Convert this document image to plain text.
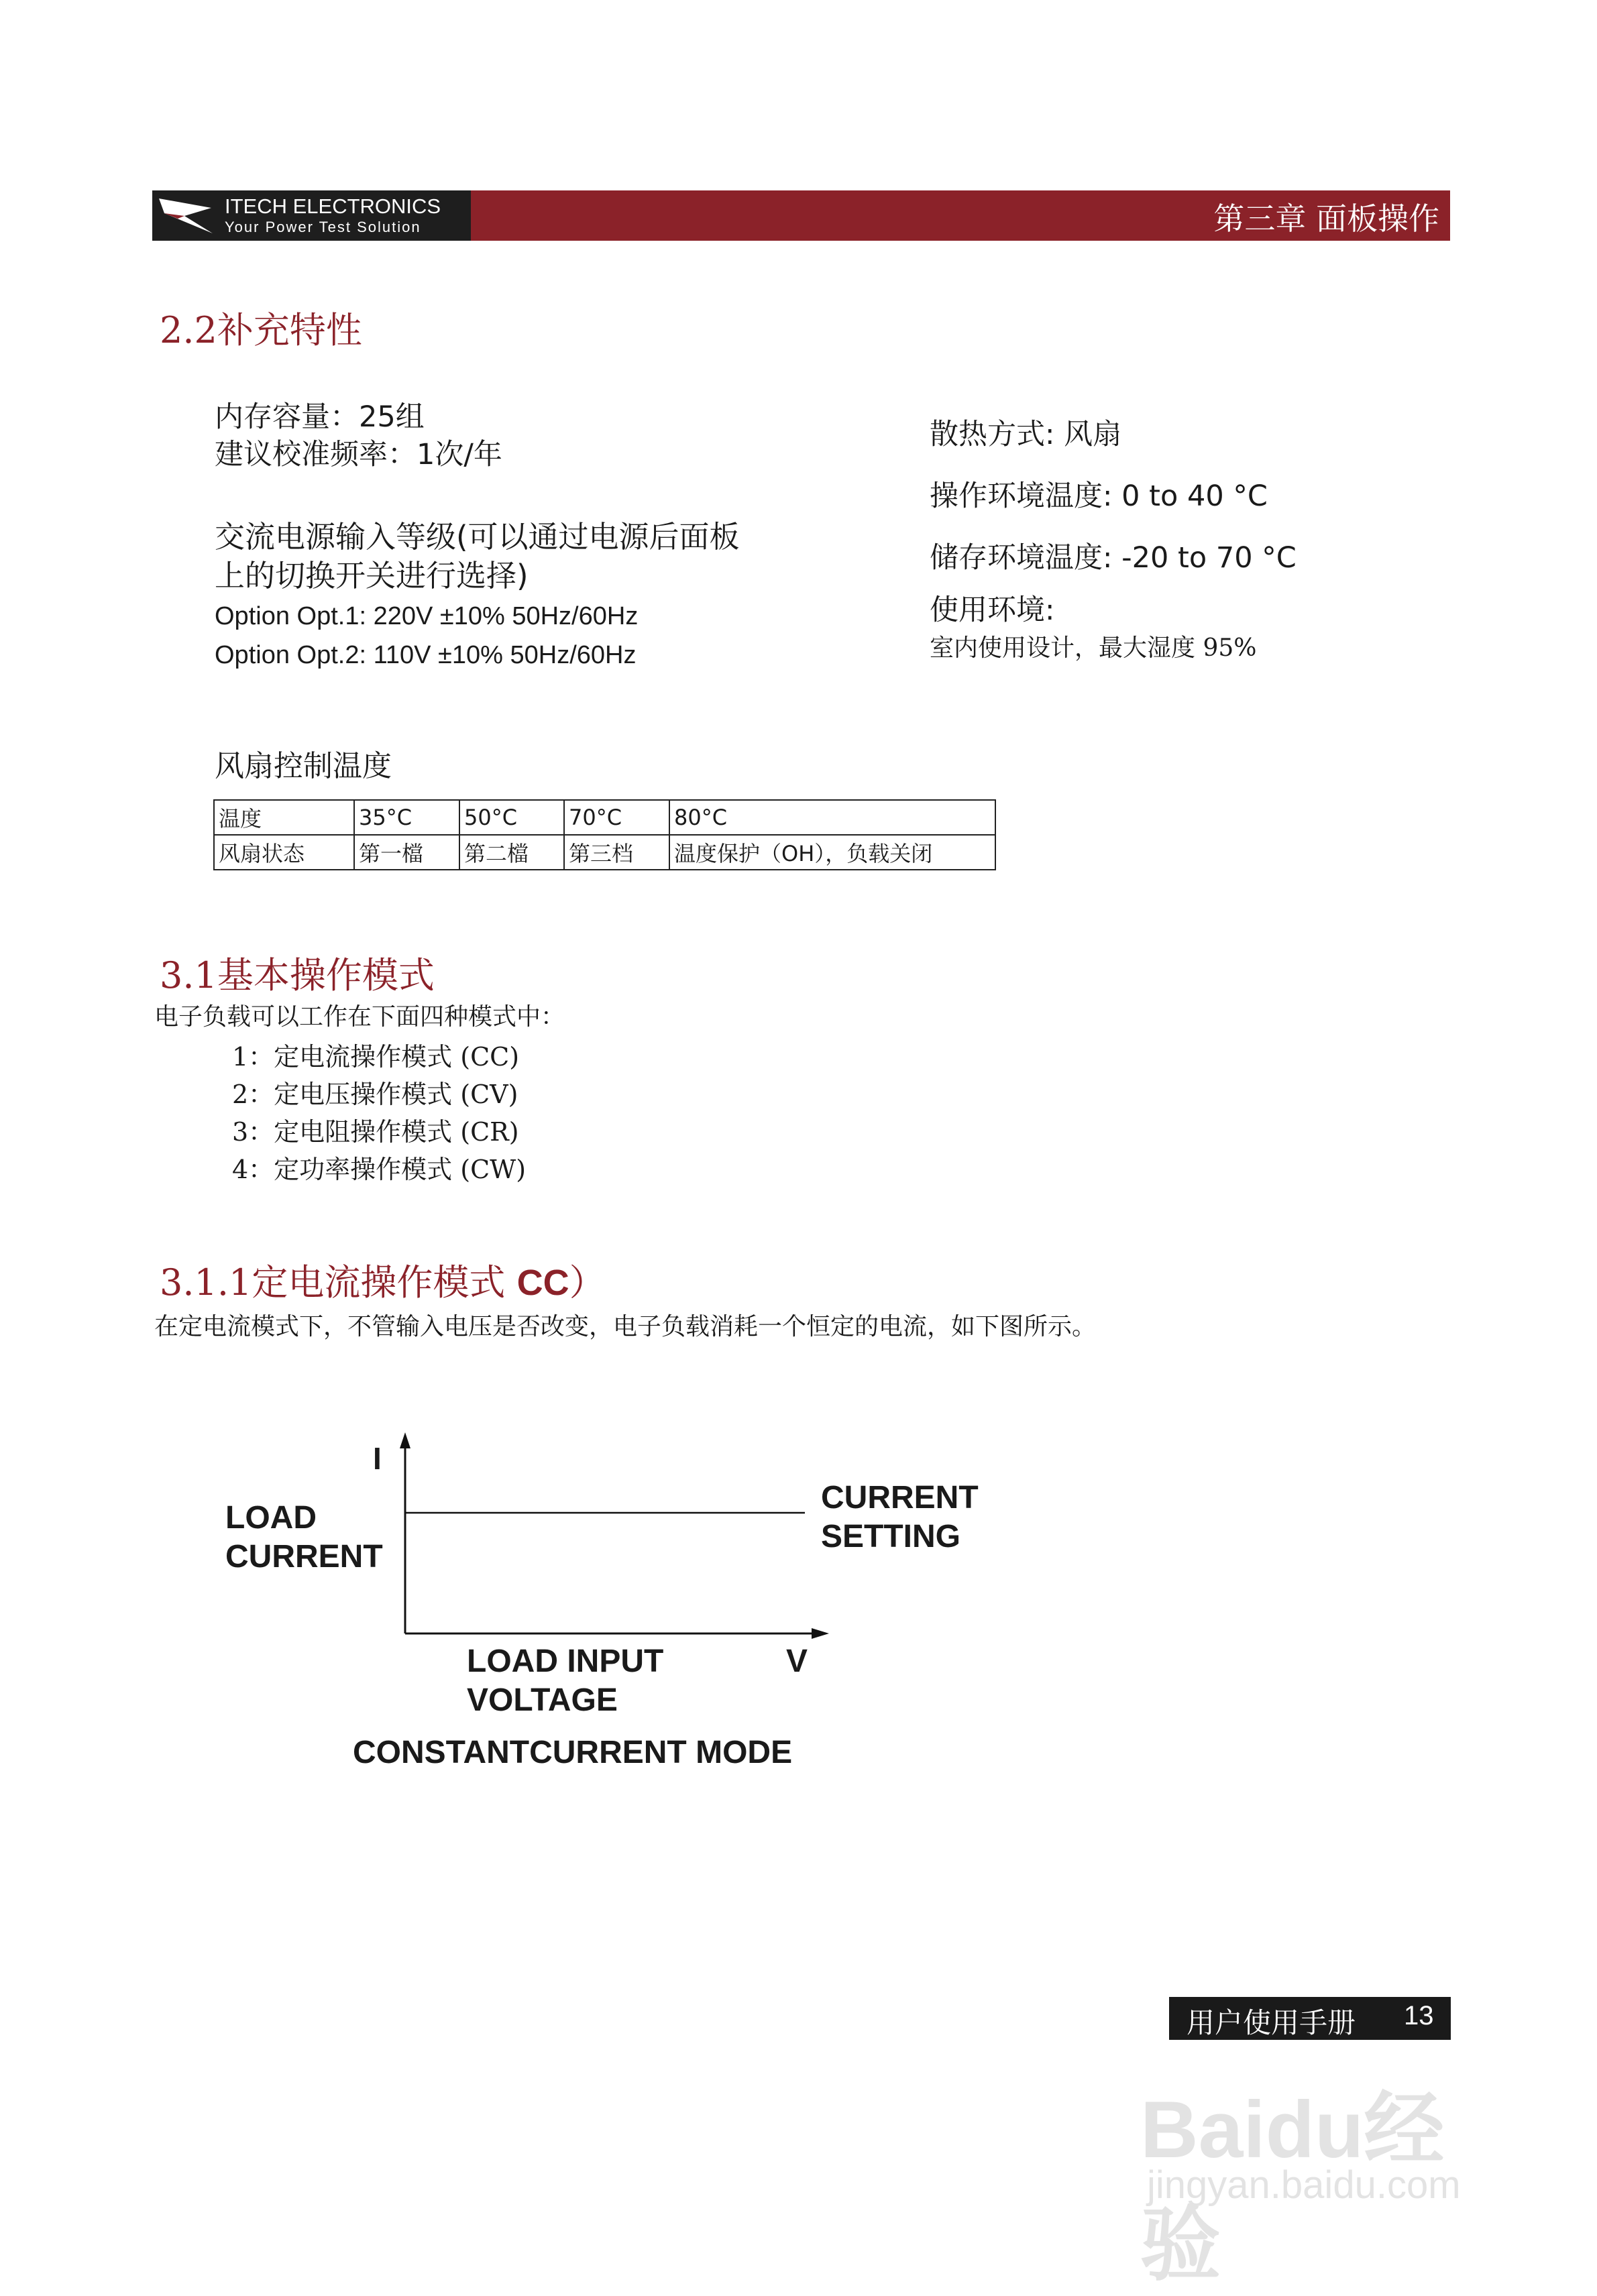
ITECH ELECTRONICS
Your Power Test Solution	第三章 面板操作
2.2补充特性
内存容量：25组
建议校准频率：1次/年
交流电源输入等级(可以通过电源后面板
上的切换开关进行选择)
Option Opt.1: 220V ±10% 50Hz/60Hz
Option Opt.2: 110V ±10% 50Hz/60Hz
散热方式: 风扇
操作环境温度: 0 to 40 °C
储存环境温度: -20 to 70 °C
使用环境:
室内使用设计，最大湿度 95%
风扇控制温度
温度	35°C	50°C	70°C	80°C
风扇状态	第一檔	第二檔	第三档	温度保护（OH），负载关闭
3.1基本操作模式
电子负载可以工作在下面四种模式中：
1：定电流操作模式 (CC)
2：定电压操作模式 (CV)
3：定电阻操作模式 (CR)
4：定功率操作模式 (CW)
3.1.1定电流操作模式 CC）
在定电流模式下，不管输入电压是否改变，电子负载消耗一个恒定的电流，如下图所示。
I
LOAD
CURRENT
CURRENT
SETTING
LOAD INPUT
VOLTAGE
V
CONSTANTCURRENT MODE
用户使用手册 13
Baidu经验
jingyan.baidu.com
